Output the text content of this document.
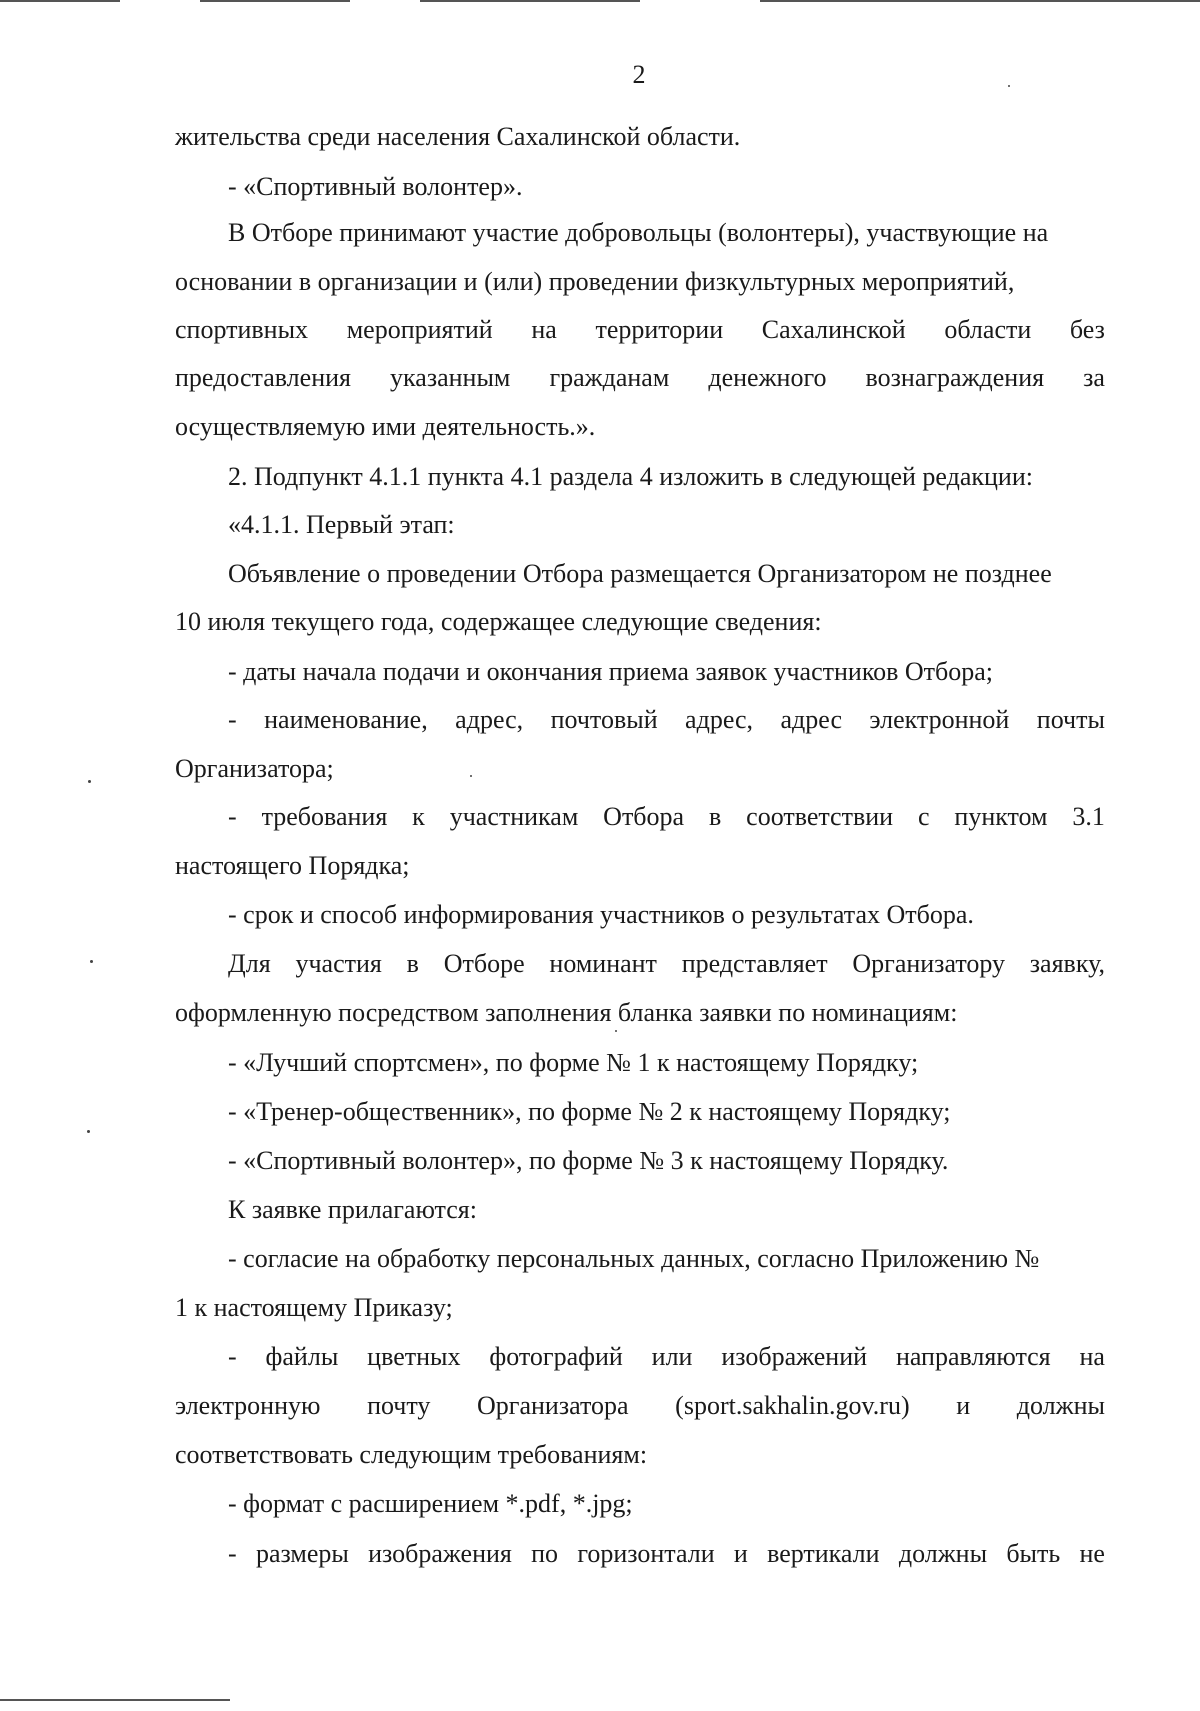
2
жительства среди населения Сахалинской области.
- «Спортивный волонтер».
В Отборе принимают участие добровольцы (волонтеры), участвующие на
основании в организации и (или) проведении физкультурных мероприятий,
спортивных мероприятий на территории Сахалинской области без
предоставления указанным гражданам денежного вознаграждения за
осуществляемую ими деятельность.».
2. Подпункт 4.1.1 пункта 4.1 раздела 4 изложить в следующей редакции:
«4.1.1. Первый этап:
Объявление о проведении Отбора размещается Организатором не позднее
10 июля текущего года, содержащее следующие сведения:
- даты начала подачи и окончания приема заявок участников Отбора;
- наименование, адрес, почтовый адрес, адрес электронной почты
Организатора;
- требования к участникам Отбора в соответствии с пунктом 3.1
настоящего Порядка;
- срок и способ информирования участников о результатах Отбора.
Для участия в Отборе номинант представляет Организатору заявку,
оформленную посредством заполнения бланка заявки по номинациям:
- «Лучший спортсмен», по форме № 1 к настоящему Порядку;
- «Тренер-общественник», по форме № 2 к настоящему Порядку;
- «Спортивный волонтер», по форме № 3 к настоящему Порядку.
К заявке прилагаются:
- согласие на обработку персональных данных, согласно Приложению №
1 к настоящему Приказу;
- файлы цветных фотографий или изображений направляются на
электронную почту Организатора (sport.sakhalin.gov.ru) и должны
соответствовать следующим требованиям:
- формат с расширением *.pdf, *.jpg;
- размеры изображения по горизонтали и вертикали должны быть не
